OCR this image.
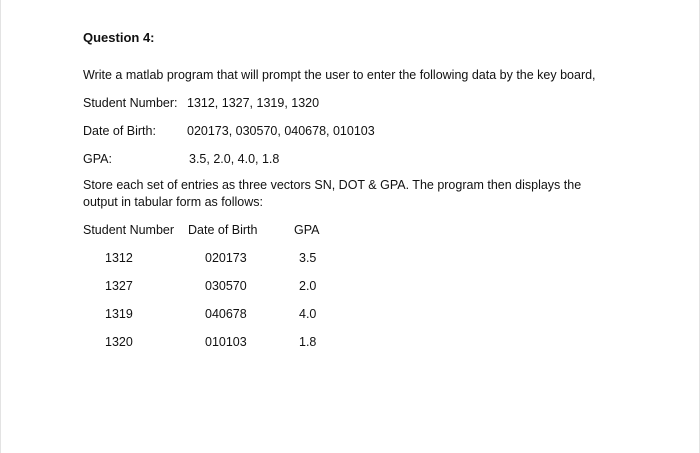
Question 4:
Write a matlab program that will prompt the user to enter the following data by the key board,
Student Number: 1312, 1327, 1319, 1320
Date of Birth: 020173, 030570, 040678, 010103
GPA:	3.5, 2.0, 4.0, 1.8
Store each set of entries as three vectors SN, DOT & GPA. The program then displays the
output in tabular form as follows:
Student Number Date of Birth	GPA
1312	020173	3.5
1327	030570	2.0
1319	040678	4.0
1320	010103	1.8
